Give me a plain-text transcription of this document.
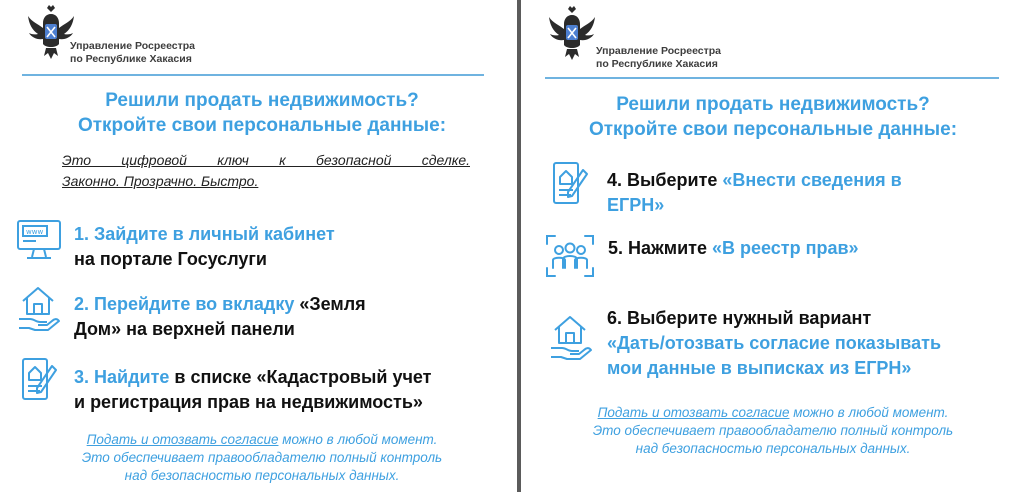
Управление Росреестра
по Республике Хакасия
Решили продать недвижимость?
Откройте свои персональные данные:
Это цифровой ключ к безопасной сделке.
Законно. Прозрачно. Быстро.
www 1. Зайдите в личный кабинет
на портале Госуслуги
2. Перейдите во вкладку «Земля
Дом» на верхней панели
3. Найдите в списке «Кадастровый учет
и регистрация прав на недвижимость»
Подать и отозвать согласие можно в любой момент.
Это обеспечивает правообладателю полный контроль
над безопасностью персональных данных.
Управление Росреестра
по Республике Хакасия
Решили продать недвижимость?
Откройте свои персональные данные:
4. Выберите «Внести сведения в
ЕГРН»
5. Нажмите «В реестр прав»
6. Выберите нужный вариант
«Дать/отозвать согласие показывать
мои данные в выписках из ЕГРН»
Подать и отозвать согласие можно в любой момент.
Это обеспечивает правообладателю полный контроль
над безопасностью персональных данных.
